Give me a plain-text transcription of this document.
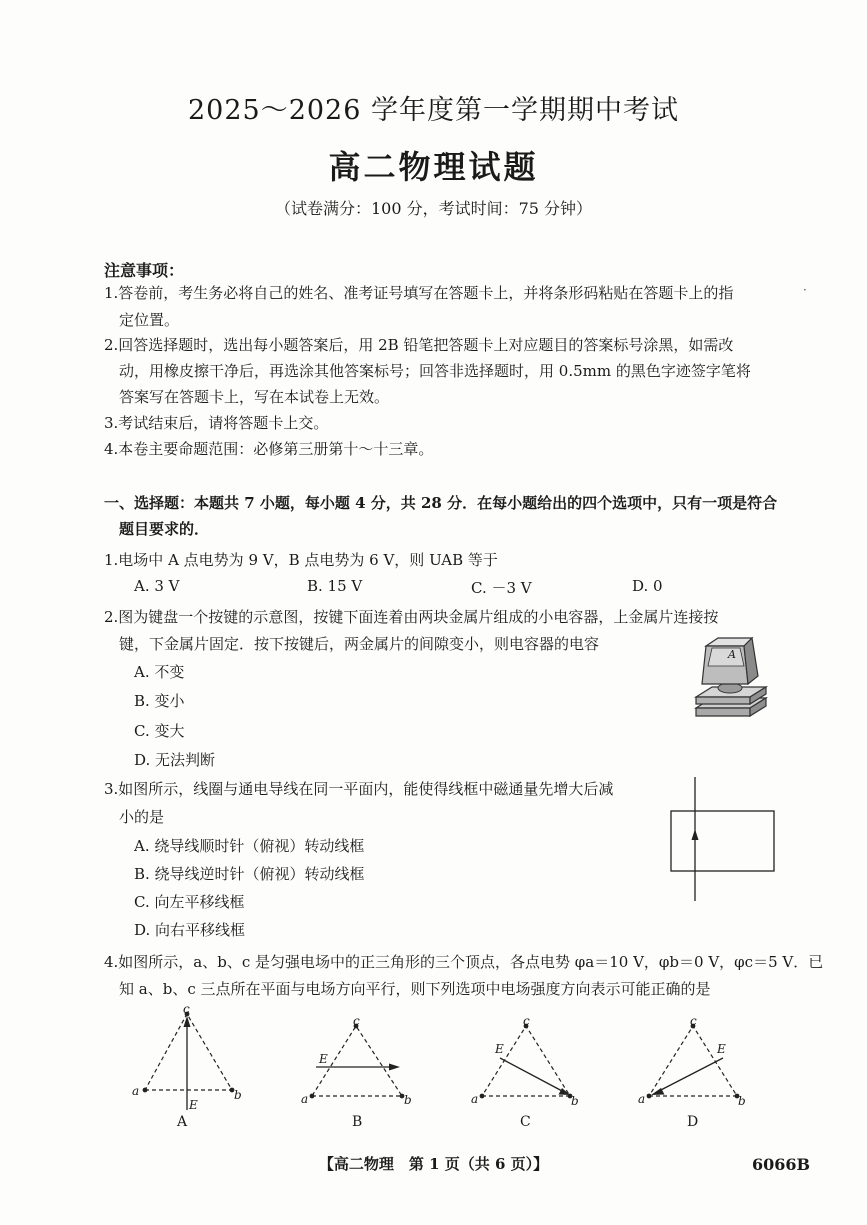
2025～2026 学年度第一学期期中考试
高二物理试题
（试卷满分：100 分，考试时间：75 分钟）
注意事项：
1.答卷前，考生务必将自己的姓名、准考证号填写在答题卡上，并将条形码粘贴在答题卡上的指	·
定位置。
2.回答选择题时，选出每小题答案后，用 2B 铅笔把答题卡上对应题目的答案标号涂黑，如需改
动，用橡皮擦干净后，再选涂其他答案标号；回答非选择题时，用 0.5mm 的黑色字迹签字笔将
答案写在答题卡上，写在本试卷上无效。
3.考试结束后，请将答题卡上交。
4.本卷主要命题范围：必修第三册第十～十三章。
一、选择题：本题共 7 小题，每小题 4 分，共 28 分．在每小题给出的四个选项中，只有一项是符合
题目要求的．
1.电场中 A 点电势为 9 V，B 点电势为 6 V，则 UAB 等于
A. 3 V	B. 15 V	C. －3 V	D. 0
2.图为键盘一个按键的示意图，按键下面连着由两块金属片组成的小电容器，上金属片连接按
键，下金属片固定．按下按键后，两金属片的间隙变小，则电容器的电容
A. 不变
B. 变小
C. 变大
D. 无法判断
A
3.如图所示，线圈与通电导线在同一平面内，能使得线框中磁通量先增大后减
小的是
A. 绕导线顺时针（俯视）转动线框
B. 绕导线逆时针（俯视）转动线框
C. 向左平移线框
D. 向右平移线框
4.如图所示，a、b、c 是匀强电场中的正三角形的三个顶点，各点电势 φa＝10 V，φb＝0 V，φc＝5 V．已
知 a、b、c 三点所在平面与电场方向平行，则下列选项中电场强度方向表示可能正确的是
c
a	b
E
A
c
a	b
E
B
c
a	b
E
C
c
a	b
E
D
【高二物理　第 1 页（共 6 页）】	6066B
